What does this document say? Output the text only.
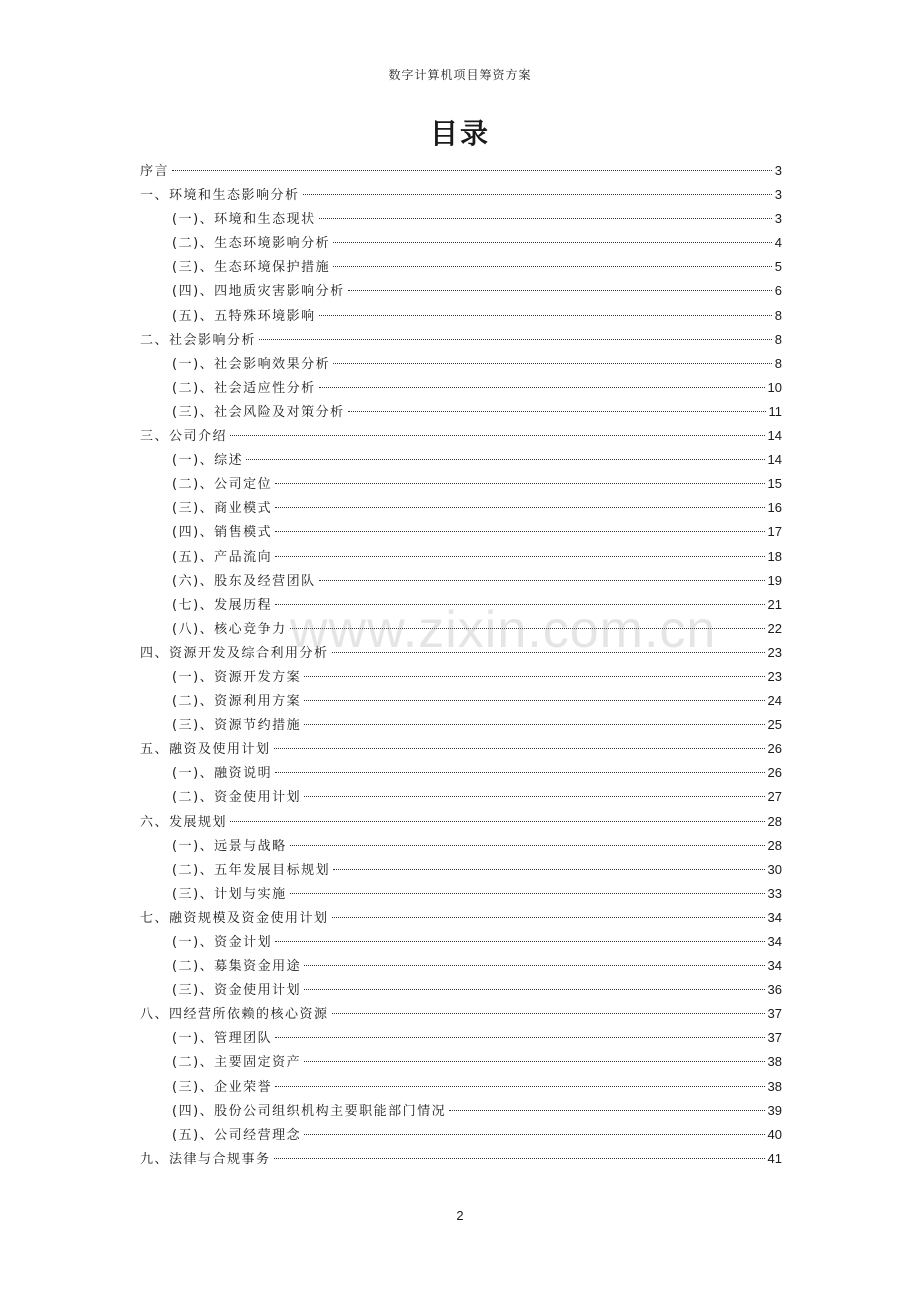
数字计算机项目筹资方案
目录
序言	3
一、环境和生态影响分析	3
(一)、环境和生态现状	3
(二)、生态环境影响分析	4
(三)、生态环境保护措施	5
(四)、四地质灾害影响分析	6
(五)、五特殊环境影响	8
二、社会影响分析	8
(一)、社会影响效果分析	8
(二)、社会适应性分析	10
(三)、社会风险及对策分析	11
三、公司介绍	14
(一)、综述	14
(二)、公司定位	15
(三)、商业模式	16
(四)、销售模式	17
(五)、产品流向	18
(六)、股东及经营团队	19
(七)、发展历程	21
(八)、核心竞争力	22
四、资源开发及综合利用分析	23
(一)、资源开发方案	23
(二)、资源利用方案	24
(三)、资源节约措施	25
五、融资及使用计划	26
(一)、融资说明	26
(二)、资金使用计划	27
六、发展规划	28
(一)、远景与战略	28
(二)、五年发展目标规划	30
(三)、计划与实施	33
七、融资规模及资金使用计划	34
(一)、资金计划	34
(二)、募集资金用途	34
(三)、资金使用计划	36
八、四经营所依赖的核心资源	37
(一)、管理团队	37
(二)、主要固定资产	38
(三)、企业荣誉	38
(四)、股份公司组织机构主要职能部门情况	39
(五)、公司经营理念	40
九、法律与合规事务	41
www.zixin.com.cn
2
